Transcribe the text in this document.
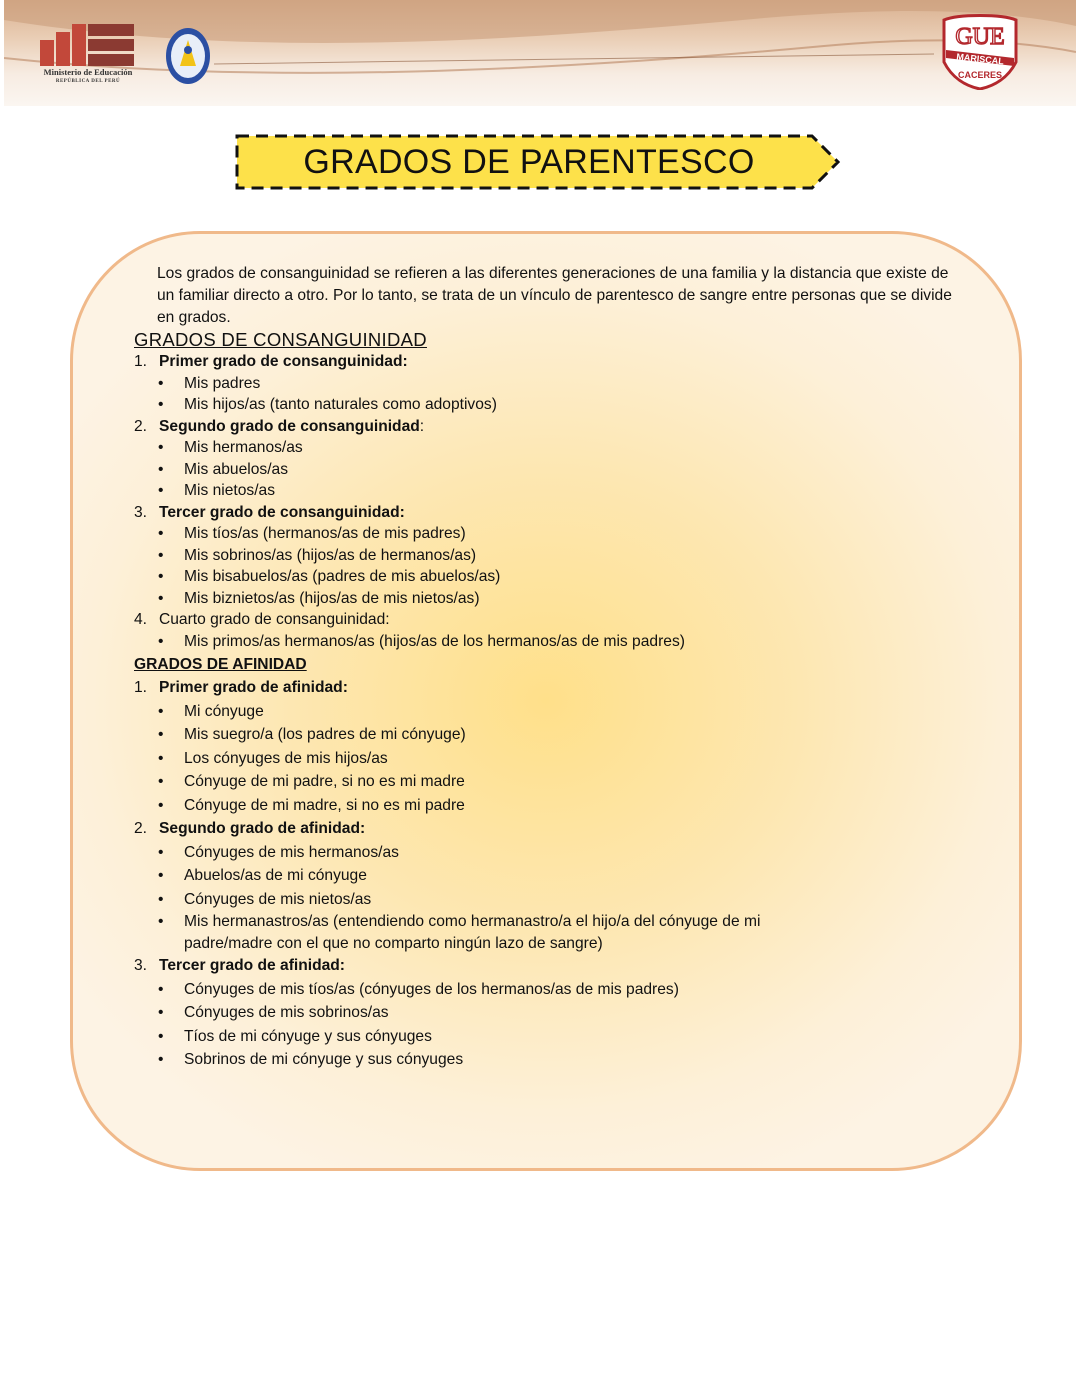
Ministerio de Educación
REPÚBLICA DEL PERÚ
GUE
MARISCAL
CACERES
GRADOS DE PARENTESCO
Los grados de consanguinidad se refieren a las diferentes generaciones de una familia y la distancia que existe de un familiar directo a otro. Por lo tanto, se trata de un vínculo de parentesco de sangre entre personas que se divide en grados.
GRADOS DE CONSANGUINIDAD
1. Primer grado de consanguinidad:
• Mis padres
• Mis hijos/as (tanto naturales como adoptivos)
2. Segundo grado de consanguinidad:
• Mis hermanos/as
• Mis abuelos/as
• Mis nietos/as
3. Tercer grado de consanguinidad:
• Mis tíos/as (hermanos/as de mis padres)
• Mis sobrinos/as (hijos/as de hermanos/as)
• Mis bisabuelos/as (padres de mis abuelos/as)
• Mis biznietos/as (hijos/as de mis nietos/as)
4. Cuarto grado de consanguinidad:
• Mis primos/as hermanos/as (hijos/as de los hermanos/as de mis padres)
GRADOS DE AFINIDAD
1. Primer grado de afinidad:
• Mi cónyuge
• Mis suegro/a (los padres de mi cónyuge)
• Los cónyuges de mis hijos/as
• Cónyuge de mi padre, si no es mi madre
• Cónyuge de mi madre, si no es mi padre
2. Segundo grado de afinidad:
• Cónyuges de mis hermanos/as
• Abuelos/as de mi cónyuge
• Cónyuges de mis nietos/as
• Mis hermanastros/as (entendiendo como hermanastro/a el hijo/a del cónyuge de mi padre/madre con el que no comparto ningún lazo de sangre)
3. Tercer grado de afinidad:
• Cónyuges de mis tíos/as (cónyuges de los hermanos/as de mis padres)
• Cónyuges de mis sobrinos/as
• Tíos de mi cónyuge y sus cónyuges
• Sobrinos de mi cónyuge y sus cónyuges
